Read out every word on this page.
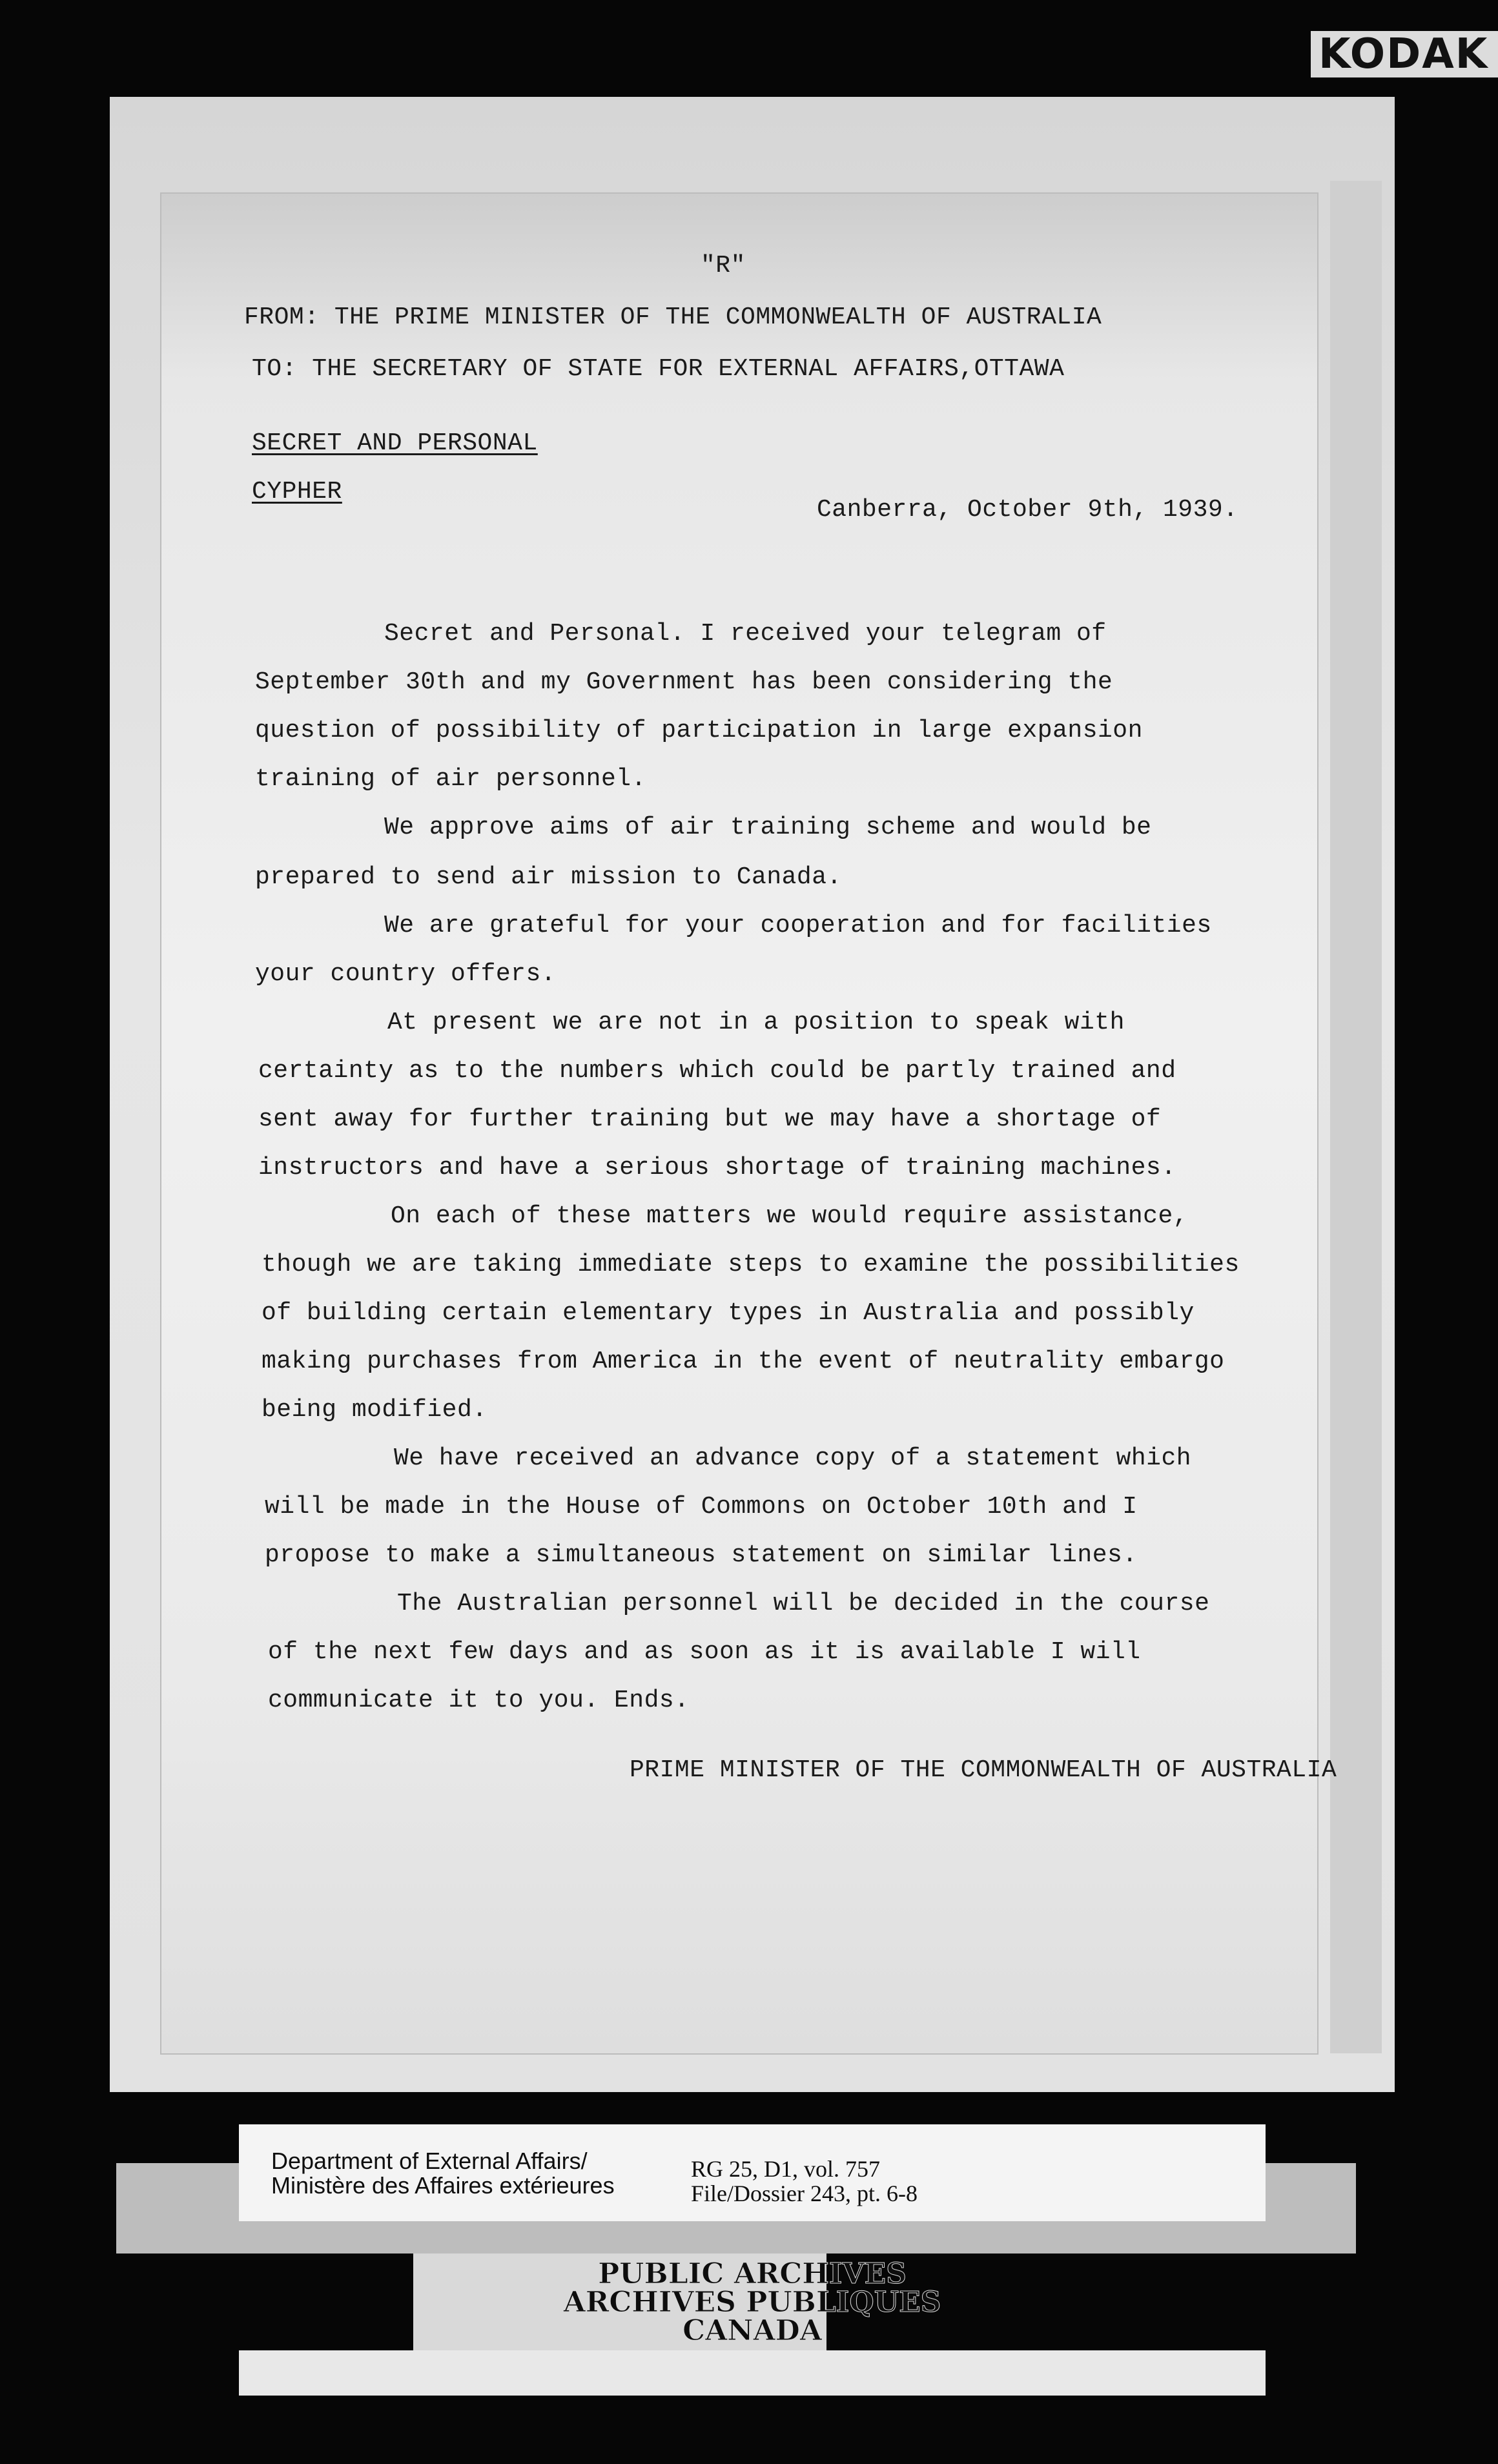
KODAK
"R"
FROM: THE PRIME MINISTER OF THE COMMONWEALTH OF AUSTRALIA
TO: THE SECRETARY OF STATE FOR EXTERNAL AFFAIRS,OTTAWA
SECRET AND PERSONAL
CYPHER
Canberra, October 9th, 1939.
Secret and Personal. I received your telegram of
September 30th and my Government has been considering the
question of possibility of participation in large expansion
training of air personnel.
We approve aims of air training scheme and would be
prepared to send air mission to Canada.
We are grateful for your cooperation and for facilities
your country offers.
At present we are not in a position to speak with
certainty as to the numbers which could be partly trained and
sent away for further training but we may have a shortage of
instructors and have a serious shortage of training machines.
On each of these matters we would require assistance,
though we are taking immediate steps to examine the possibilities
of building certain elementary types in Australia and possibly
making purchases from America in the event of neutrality embargo
being modified.
We have received an advance copy of a statement which
will be made in the House of Commons on October 10th and I
propose to make a simultaneous statement on similar lines.
The Australian personnel will be decided in the course
of the next few days and as soon as it is available I will
communicate it to you. Ends.
PRIME MINISTER OF THE COMMONWEALTH OF AUSTRALIA
Department of External Affairs/
Ministère des Affaires extérieures
RG 25, D1, vol. 757
File/Dossier 243, pt. 6-8
PUBLIC ARCHIVES
ARCHIVES PUBLIQUES
CANADA
